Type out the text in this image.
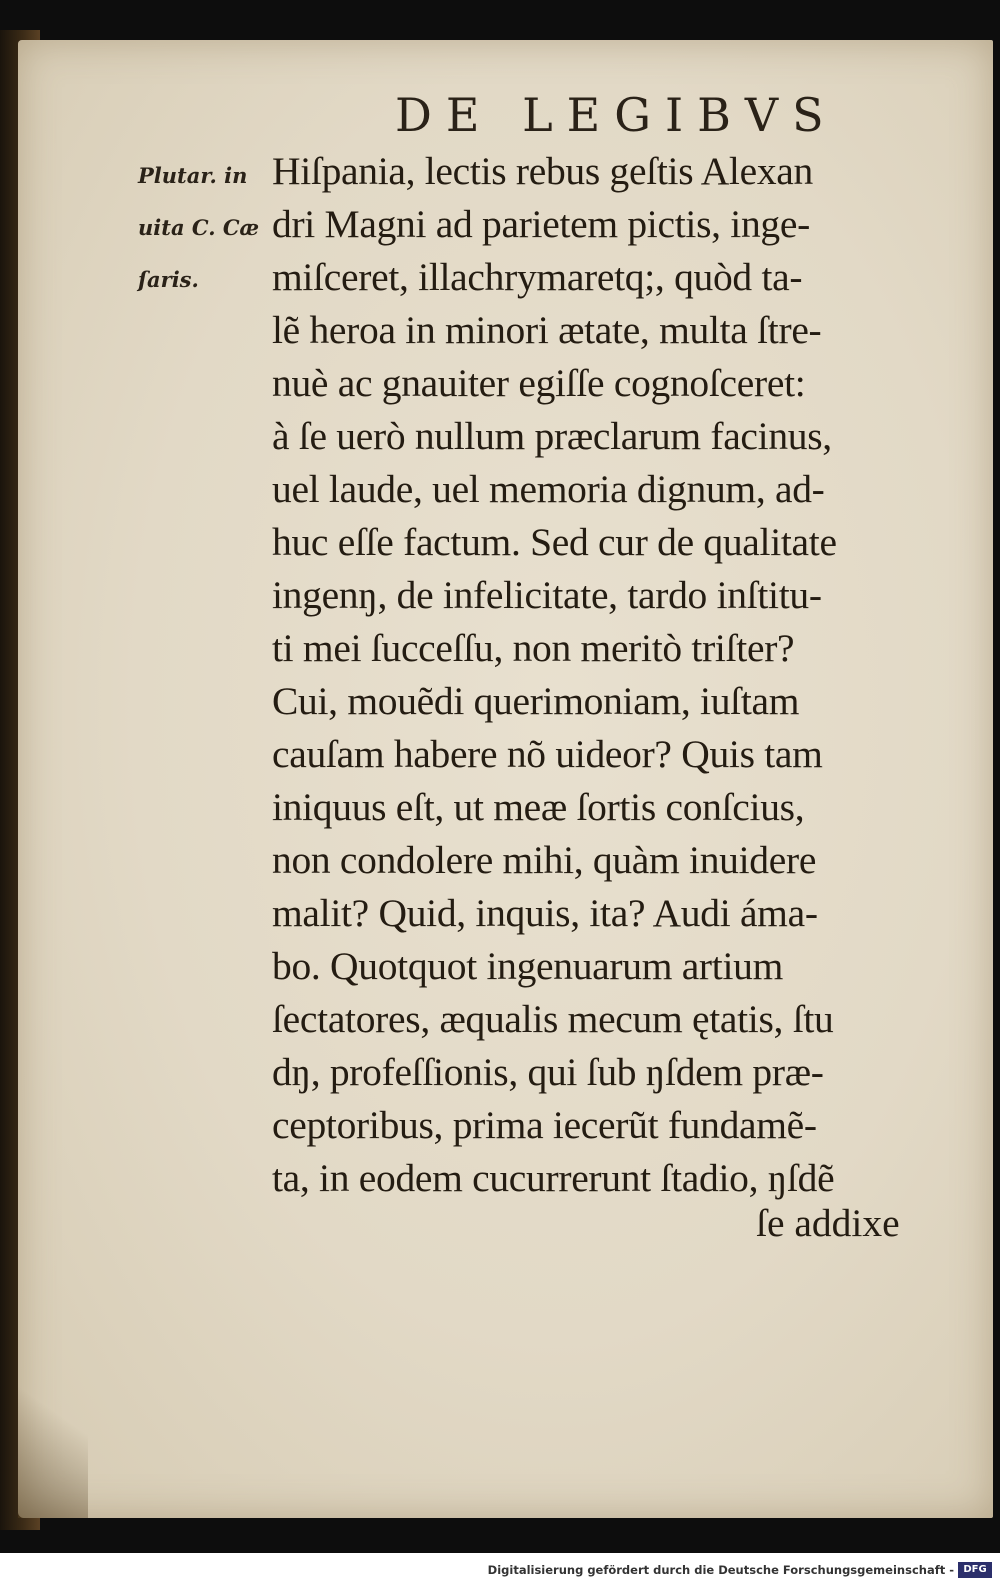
DE LEGIBVS
Plutar. in
uita C. Cæ
ſaris.
Hiſpania, lectis rebus geſtis Alexan
dri Magni ad parietem pictis, inge-
miſceret, illachrymaretq;, quòd ta-
lẽ heroa in minori ætate, multa ſtre-
nuè ac gnauiter egiſſe cognoſceret:
à ſe uerò nullum præclarum facinus,
uel laude, uel memoria dignum, ad-
huc eſſe factum. Sed cur de qualitate
ingenŋ, de infelicitate, tardo inſtitu-
ti mei ſucceſſu, non meritò triſter?
Cui, mouẽdi querimoniam, iuſtam
cauſam habere nõ uideor? Quis tam
iniquus eſt, ut meæ ſortis conſcius,
non condolere mihi, quàm inuidere
malit? Quid, inquis, ita? Audi áma-
bo. Quotquot ingenuarum artium
ſectatores, æqualis mecum ętatis, ſtu
dŋ, profeſſionis, qui ſub ŋſdem præ-
ceptoribus, prima iecerũt fundamẽ-
ta, in eodem cucurrerunt ſtadio, ŋſdẽ
ſe addixe
Digitalisierung gefördert durch die Deutsche Forschungsgemeinschaft - DFG
